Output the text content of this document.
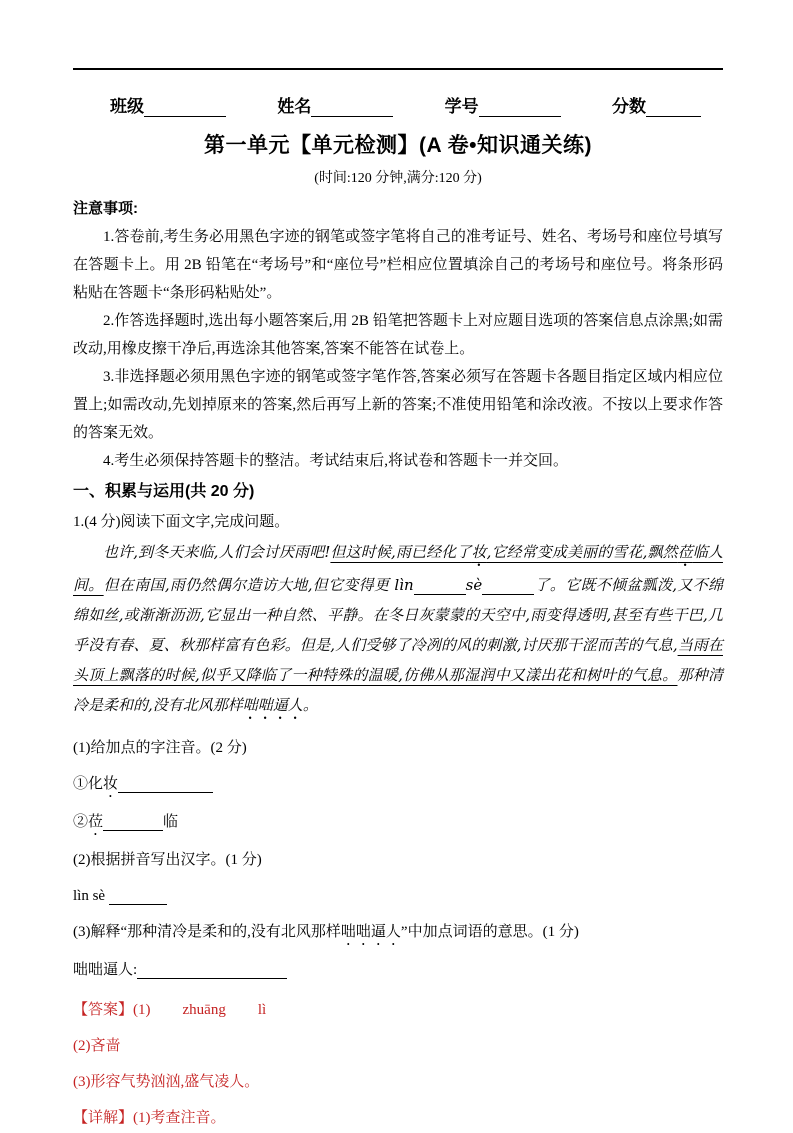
班级	姓名	学号	分数
第一单元【单元检测】(A 卷•知识通关练)

(时间:120 分钟,满分:120 分)

注意事项:

1.答卷前,考生务必用黑色字迹的钢笔或签字笔将自己的准考证号、姓名、考场号和座位号填写在答题卡上。用 2B 铅笔在“考场号”和“座位号”栏相应位置填涂自己的考场号和座位号。将条形码粘贴在答题卡“条形码粘贴处”。

2.作答选择题时,选出每小题答案后,用 2B 铅笔把答题卡上对应题目选项的答案信息点涂黑;如需改动,用橡皮擦干净后,再选涂其他答案,答案不能答在试卷上。

3.非选择题必须用黑色字迹的钢笔或签字笔作答,答案必须写在答题卡各题目指定区域内相应位置上;如需改动,先划掉原来的答案,然后再写上新的答案;不准使用铅笔和涂改液。不按以上要求作答的答案无效。

4.考生必须保持答题卡的整洁。考试结束后,将试卷和答题卡一并交回。

一、积累与运用(共 20 分)

1.(4 分)阅读下面文字,完成问题。

也许,到冬天来临,人们会讨厌雨吧!但这时候,雨已经化了妆,它经常变成美丽的雪花,飘然莅临人间。但在南国,雨仍然偶尔造访大地,但它变得更 lìn	sè	了。它既不倾盆瓢泼,又不绵绵如丝,或渐渐沥沥,它显出一种自然、平静。在冬日灰蒙蒙的天空中,雨变得透明,甚至有些干巴,几乎没有春、夏、秋那样富有色彩。但是,人们受够了冷冽的风的刺激,讨厌那干涩而苦的气息,当雨在头顶上飘落的时候,似乎又降临了一种特殊的温暖,仿佛从那湿润中又漾出花和树叶的气息。那种清冷是柔和的,没有北风那样咄咄逼人。

(1)给加点的字注音。(2 分)

①化妆

②莅	临

(2)根据拼音写出汉字。(1 分)

lìn sè

(3)解释“那种清冷是柔和的,没有北风那样咄咄逼人”中加点词语的意思。(1 分)

咄咄逼人:

【答案】(1) zhuāng lì

(2)吝啬

(3)形容气势汹汹,盛气凌人。

【详解】(1)考查注音。
